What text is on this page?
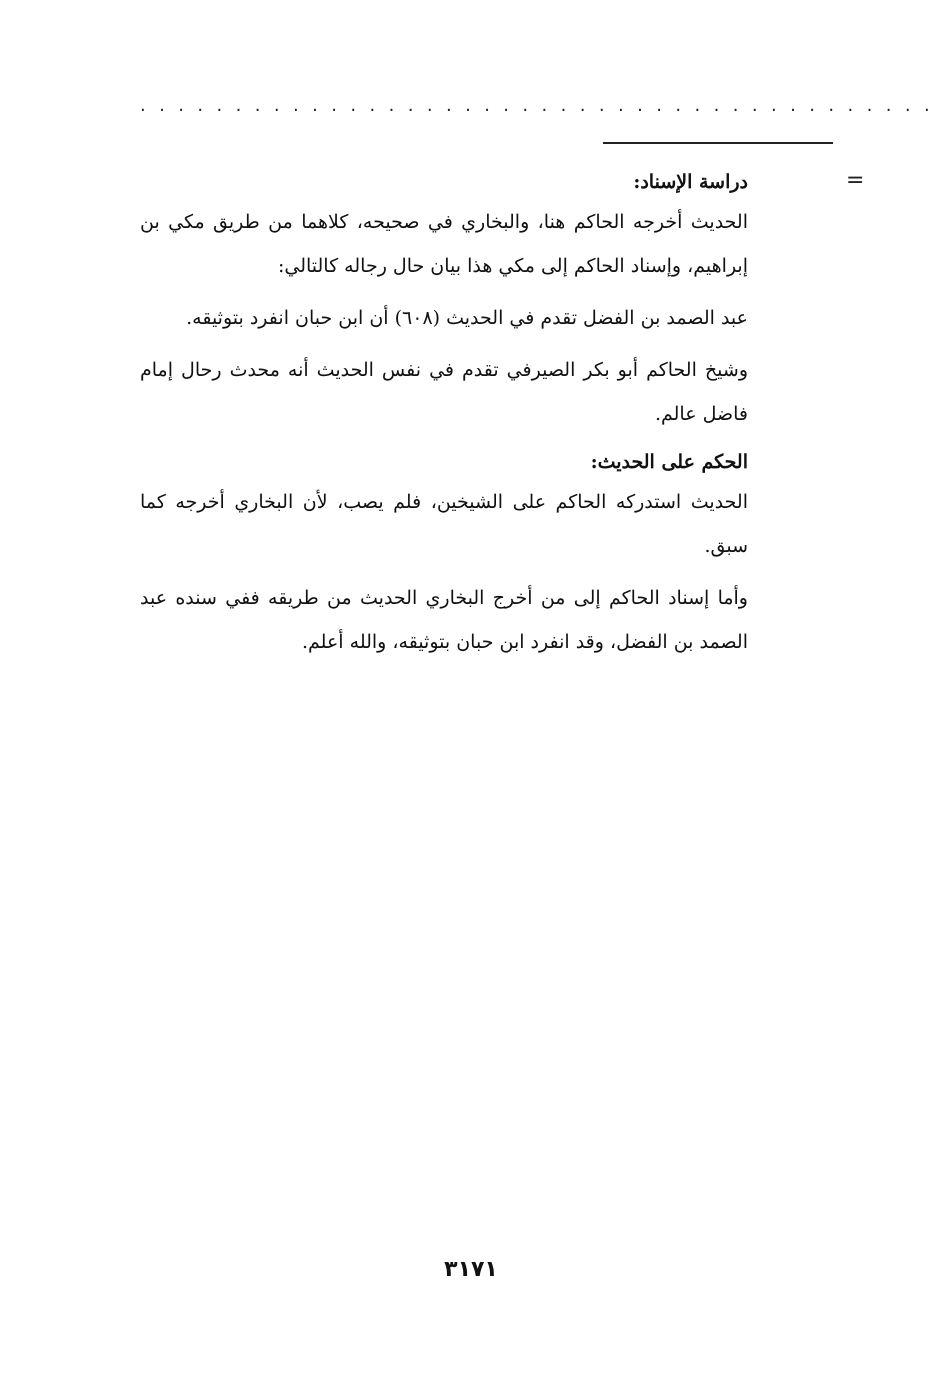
..........................................
=

دراسة الإسناد:

الحديث أخرجه الحاكم هنا، والبخاري في صحيحه، كلاهما من طريق مكي بن إبراهيم، وإسناد الحاكم إلى مكي هذا بيان حال رجاله كالتالي:

عبد الصمد بن الفضل تقدم في الحديث (٦٠٨) أن ابن حبان انفرد بتوثيقه.

وشيخ الحاكم أبو بكر الصيرفي تقدم في نفس الحديث أنه محدث رحال إمام فاضل عالم.

الحكم على الحديث:

الحديث استدركه الحاكم على الشيخين، فلم يصب، لأن البخاري أخرجه كما سبق.

وأما إسناد الحاكم إلى من أخرج البخاري الحديث من طريقه ففي سنده عبد الصمد بن الفضل، وقد انفرد ابن حبان بتوثيقه، والله أعلم.

٣١٧١
